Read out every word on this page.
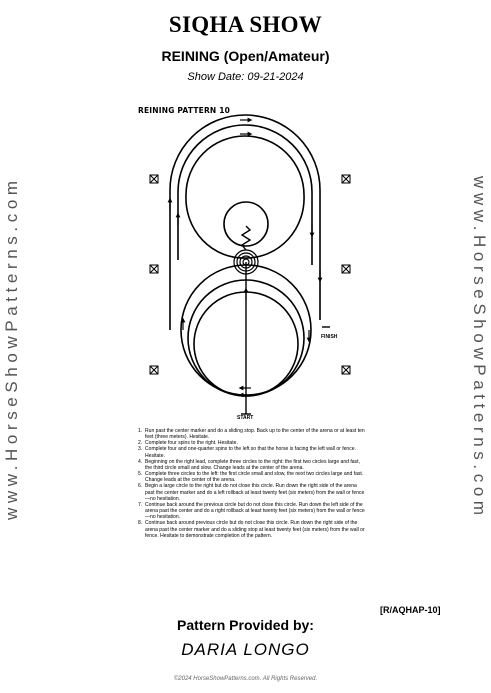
SIQHA SHOW
REINING (Open/Amateur)
Show Date: 09-21-2024
www.HorseShowPatterns.com	www.HorseShowPatterns.com
REINING PATTERN 10
START
FINISH
1. Run past the center marker and do a sliding stop. Back up to the center of the arena or at least ten feet (three meters). Hesitate.
2. Complete four spins to the right. Hesitate.
3. Complete four and one-quarter spins to the left so that the horse is facing the left wall or fence. Hesitate.
4. Beginning on the right lead, complete three circles to the right: the first two circles large and fast, the third circle small and slow. Change leads at the center of the arena.
5. Complete three circles to the left: the first circle small and slow, the next two circles large and fast. Change leads at the center of the arena.
6. Begin a large circle to the right but do not close this circle. Run down the right side of the arena past the center marker and do a left rollback at least twenty feet (six meters) from the wall or fence—no hesitation.
7. Continue back around the previous circle but do not close this circle. Run down the left side of the arena past the center and do a right rollback at least twenty feet (six meters) from the wall or fence—no hesitation.
8. Continue back around previous circle but do not close this circle. Run down the right side of the arena past the center marker and do a sliding stop at least twenty feet (six meters) from the wall or fence. Hesitate to demonstrate completion of the pattern.
[R/AQHAP-10]
Pattern Provided by:
DARIA LONGO
©2024 HorseShowPatterns.com. All Rights Reserved.
